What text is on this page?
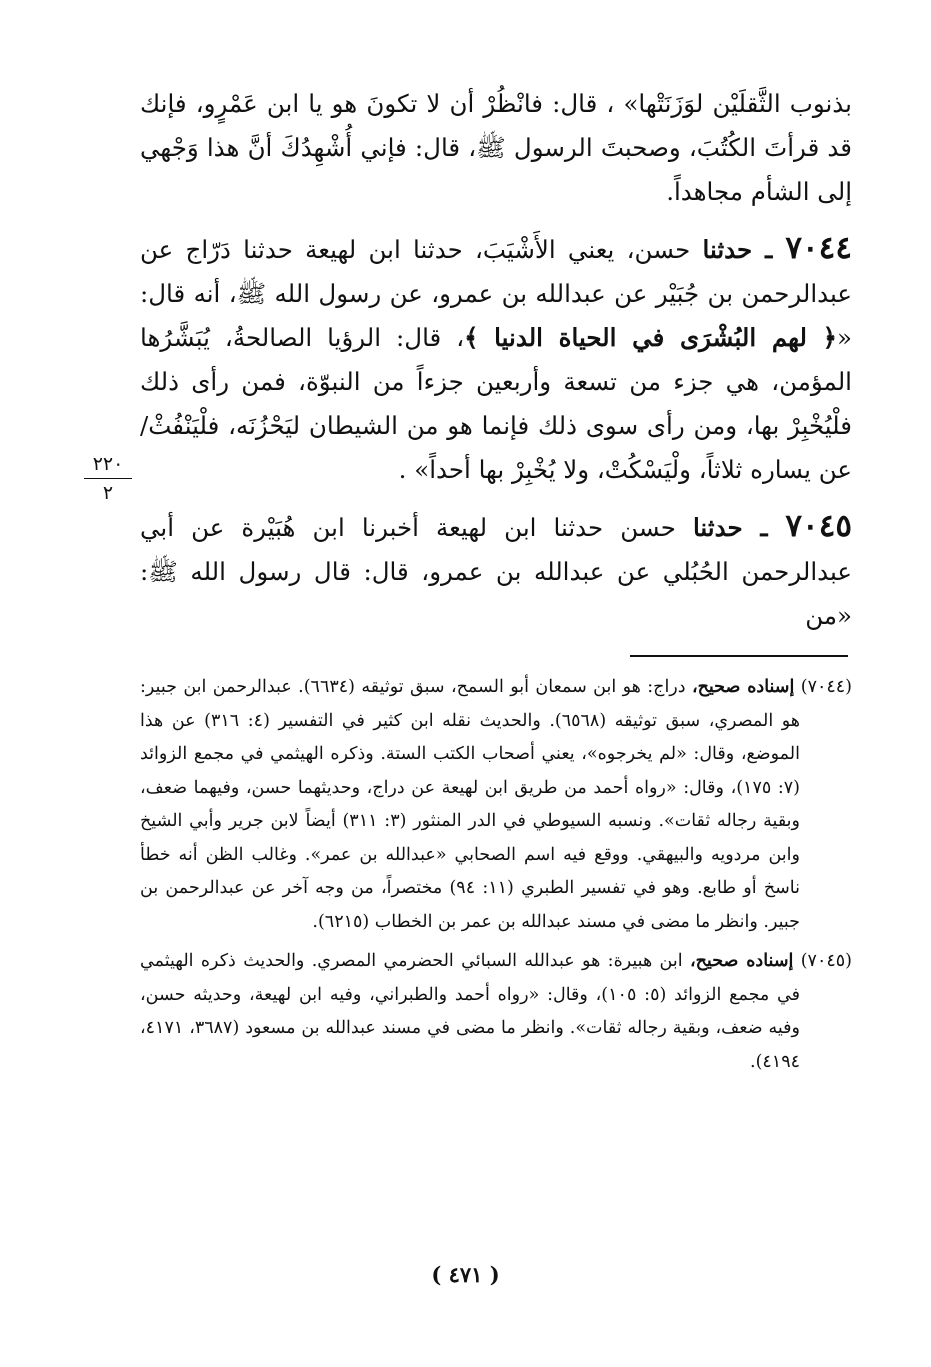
بذنوب الثَّقلَيْن لوَزَنَتْها» ، قال: فانْظُرْ أن لا تكونَ هو يا ابن عَمْرٍو، فإنك قد قرأتَ الكُتُبَ، وصحبتَ الرسول ﷺ، قال: فإني أُشْهِدُكَ أنَّ هذا وَجْهي إلى الشأم مجاهداً.

٧٠٤٤ ـ حدثنا حسن، يعني الأَشْيَبَ، حدثنا ابن لهيعة حدثنا دَرّاج عن عبدالرحمن بن جُبَيْر عن عبدالله بن عمرو، عن رسول الله ﷺ، أنه قال: «﴿ لهم البُشْرَى في الحياة الدنيا ﴾، قال: الرؤيا الصالحةُ، يُبَشَّرُها المؤمن، هي جزء من تسعة وأربعين جزءاً من النبوّة، فمن رأى ذلك فلْيُخْبِرْ بها، ومن رأى سوى ذلك فإنما هو من الشيطان ليَحْزُنَه، فلْيَنْفُثْ/ عن يساره ثلاثاً، ولْيَسْكُتْ، ولا يُخْبِرْ بها أحداً» .

٧٠٤٥ ـ حدثنا حسن حدثنا ابن لهيعة أخبرنا ابن هُبَيْرة عن أبي عبدالرحمن الحُبُلي عن عبدالله بن عمرو، قال: قال رسول الله ﷺ: «من

٢٢٠
٢

(٧٠٤٤) إسناده صحيح، دراج: هو ابن سمعان أبو السمح، سبق توثيقه (٦٦٣٤). عبدالرحمن ابن جبير: هو المصري، سبق توثيقه (٦٥٦٨). والحديث نقله ابن كثير في التفسير (٤: ٣١٦) عن هذا الموضع، وقال: «لم يخرجوه»، يعني أصحاب الكتب الستة. وذكره الهيثمي في مجمع الزوائد (٧: ١٧٥)، وقال: «رواه أحمد من طريق ابن لهيعة عن دراج، وحديثهما حسن، وفيهما ضعف، وبقية رجاله ثقات». ونسبه السيوطي في الدر المنثور (٣: ٣١١) أيضاً لابن جرير وأبي الشيخ وابن مردويه والبيهقي. ووقع فيه اسم الصحابي «عبدالله بن عمر». وغالب الظن أنه خطأ ناسخ أو طابع. وهو في تفسير الطبري (١١: ٩٤) مختصراً، من وجه آخر عن عبدالرحمن بن جبير. وانظر ما مضى في مسند عبدالله بن عمر بن الخطاب (٦٢١٥).

(٧٠٤٥) إسناده صحيح، ابن هبيرة: هو عبدالله السبائي الحضرمي المصري. والحديث ذكره الهيثمي في مجمع الزوائد (٥: ١٠٥)، وقال: «رواه أحمد والطبراني، وفيه ابن لهيعة، وحديثه حسن، وفيه ضعف، وبقية رجاله ثقات». وانظر ما مضى في مسند عبدالله بن مسعود (٣٦٨٧، ٤١٧١، ٤١٩٤).

( ٤٧١ )
